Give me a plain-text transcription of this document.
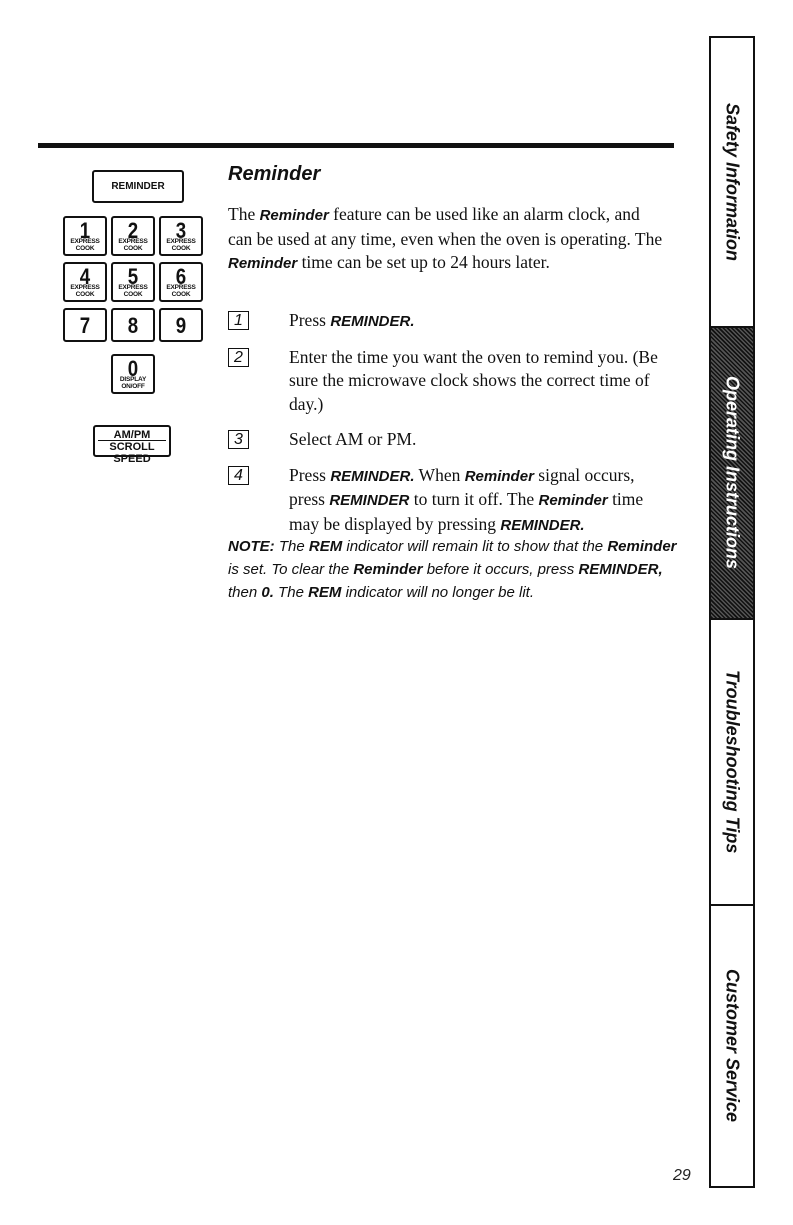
REMINDER
1
EXPRESS COOK
2
EXPRESS COOK
3
EXPRESS COOK
4
EXPRESS COOK
5
EXPRESS COOK
6
EXPRESS COOK
7	8	9
0
DISPLAY ON/OFF
AM/PM
SCROLL SPEED
Reminder
The Reminder feature can be used like an alarm clock, and can be used at any time, even when the oven is operating. The Reminder time can be set up to 24 hours later.
1	Press REMINDER.
2	Enter the time you want the oven to remind you. (Be sure the microwave clock shows the correct time of day.)
3	Select AM or PM.
4	Press REMINDER. When Reminder signal occurs, press REMINDER to turn it off. The Reminder time may be displayed by pressing REMINDER.
NOTE: The REM indicator will remain lit to show that the Reminder is set. To clear the Reminder before it occurs, press REMINDER, then 0. The REM indicator will no longer be lit.
Safety Information
Operating Instructions
Troubleshooting Tips
Customer Service
29
